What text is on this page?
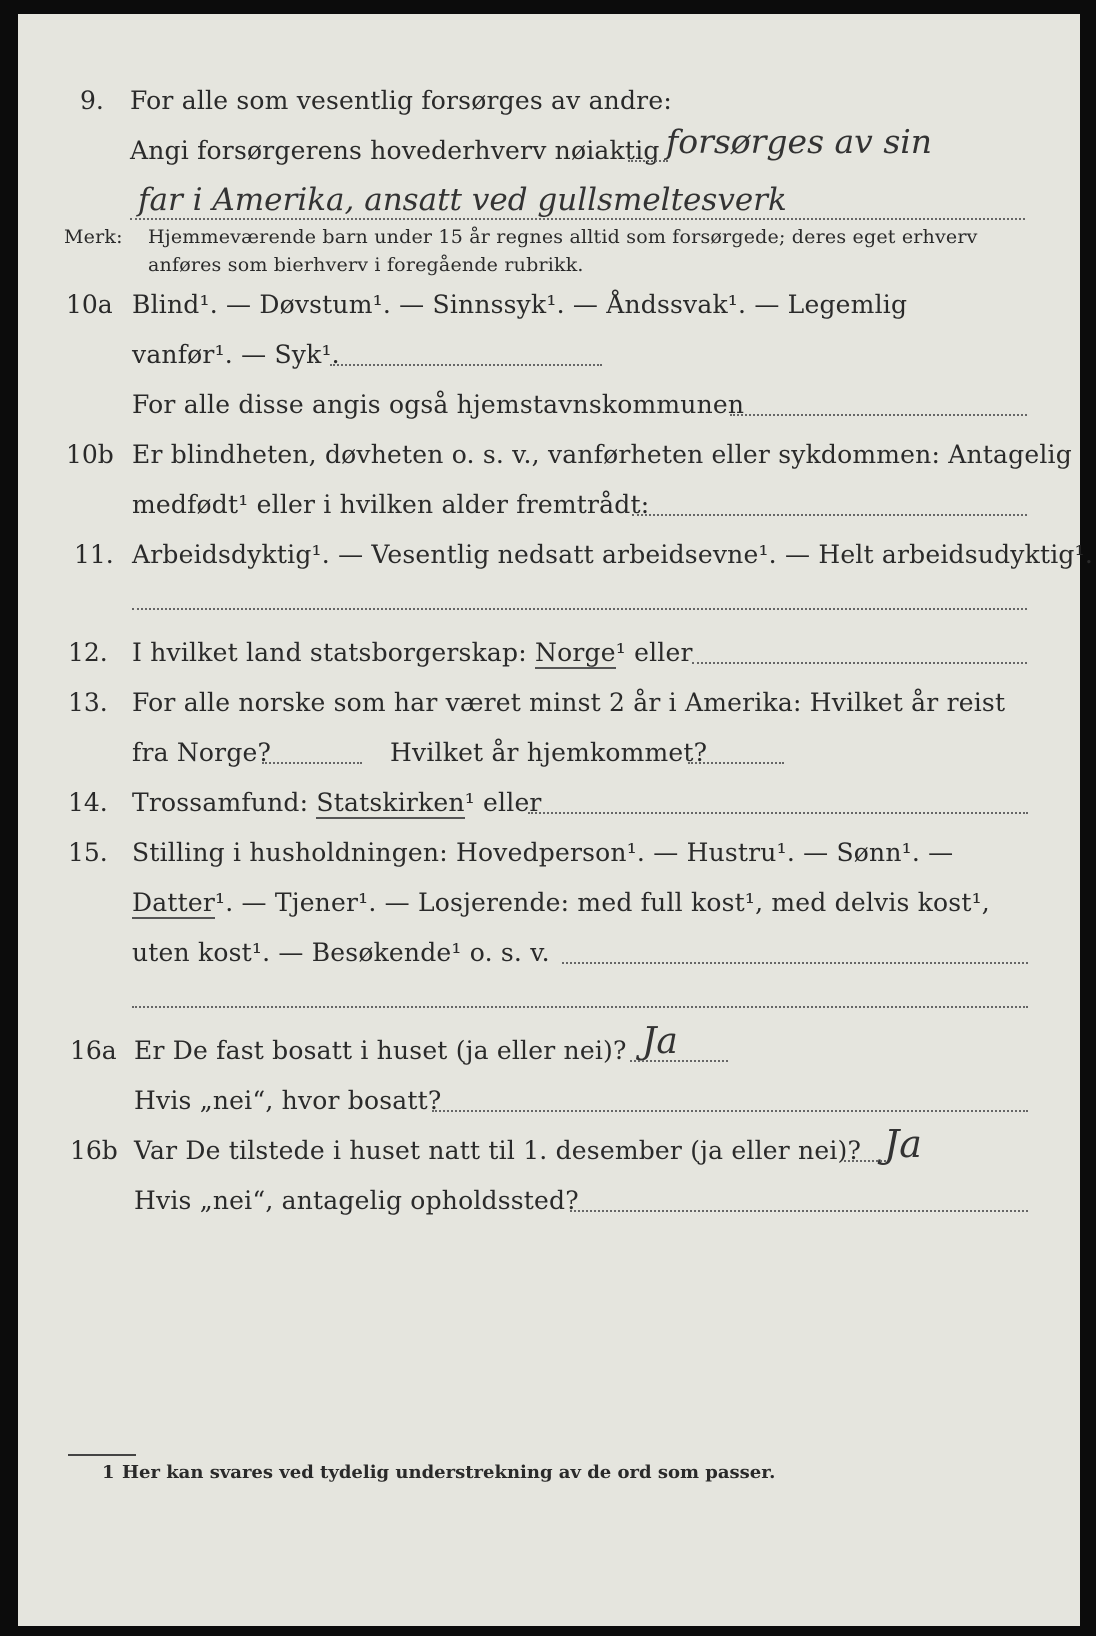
9. For alle som vesentlig forsørges av andre:
Angi forsørgerens hovederhverv nøiaktig forsørges av sin
far i Amerika, ansatt ved gullsmeltesverk
Merk: Hjemmeværende barn under 15 år regnes alltid som forsørgede; deres eget erhverv
anføres som bierhverv i foregående rubrikk.
10a Blind¹. — Døvstum¹. — Sinnssyk¹. — Åndssvak¹. — Legemlig
vanfør¹. — Syk¹.
For alle disse angis også hjemstavnskommunen
10b Er blindheten, døvheten o. s. v., vanførheten eller sykdommen: Antagelig
medfødt¹ eller i hvilken alder fremtrådt:
11. Arbeidsdyktig¹. — Vesentlig nedsatt arbeidsevne¹. — Helt arbeidsudyktig¹.
12. I hvilket land statsborgerskap: Norge¹ eller
13. For alle norske som har været minst 2 år i Amerika: Hvilket år reist
fra Norge?	Hvilket år hjemkommet?
14. Trossamfund: Statskirken¹ eller
15. Stilling i husholdningen: Hovedperson¹. — Hustru¹. — Sønn¹. —
Datter¹. — Tjener¹. — Losjerende: med full kost¹, med delvis kost¹,
uten kost¹. — Besøkende¹ o. s. v.
16a Er De fast bosatt i huset (ja eller nei)? Ja
Hvis „nei“, hvor bosatt?
16b Var De tilstede i huset natt til 1. desember (ja eller nei)? Ja
Hvis „nei“, antagelig opholdssted?
1 Her kan svares ved tydelig understrekning av de ord som passer.
